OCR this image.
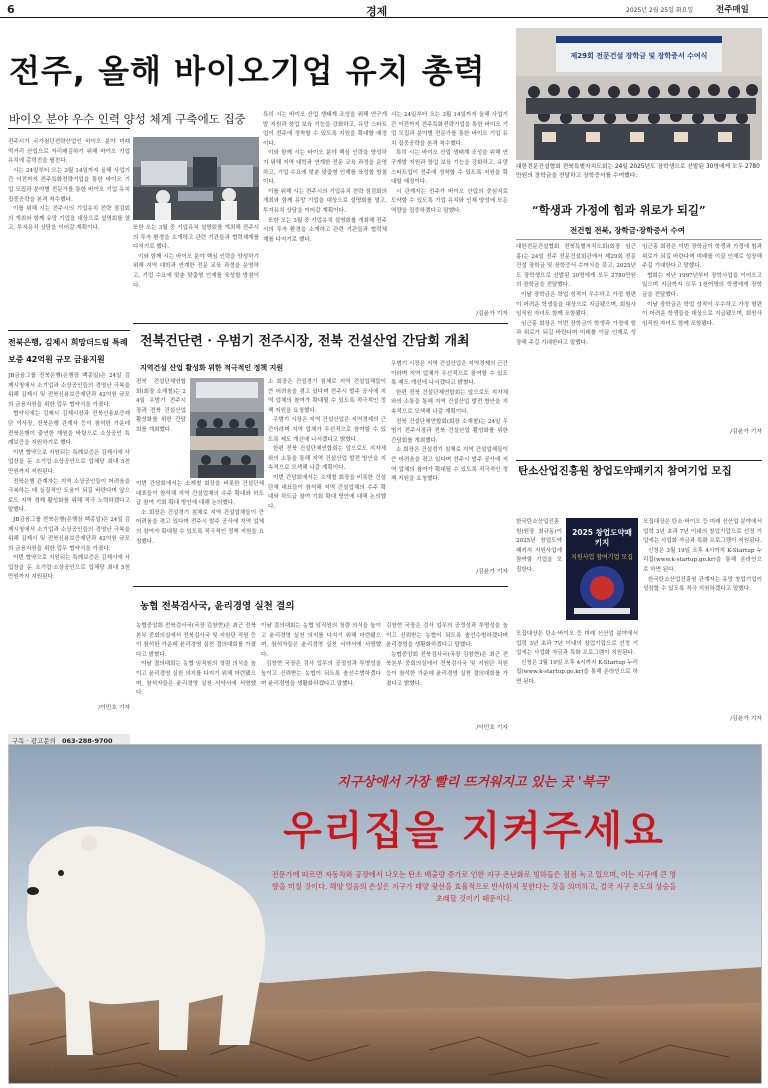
6	경제	2025년 2월 25일 화요일	전주매일
전주, 올해 바이오기업 유치 총력
바이오 분야 우수 인력 양성 체계 구축에도 집중

전주시가 국가첨단전략산업인 바이오 분야 미래 먹거리 산업으로 자리매김하기 위해 바이오 기업 유치에 총력전을 펼친다.

시는 24일부터 오는 3월 14일까지 올해 사업기간 이전까지 전주특화전략기업을 통한 바이오 기업 모집과 분야별 전문가를 통한 바이오 기업 유치 집중공략을 본격 착수했다.

이를 위해 시는 전주시의 기업유치 전략 점검회의 개최와 함께 유망 기업을 대상으로 설명회를 열고, 투자유치 상담을 이어갈 계획이다.	또한 오는 3월 중 기업유치 설명회를 개최해 전주시의 투자 환경을 소개하고 관련 기관들과 협력체계를 다지기로 했다.

이와 함께 시는 바이오 분야 핵심 인력을 양성하기 위해 지역 대학과 연계한 전문 교육 과정을 운영하고, 기업 수요에 맞춘 맞춤형 인재를 육성할 방침이다.

특히 시는 바이오 산업 생태계 조성을 위해 연구개발 지원과 창업 보육 기능을 강화하고, 유망 스타트업이 전주에 정착할 수 있도록 지원을 확대할 예정이다.

이와 함께 시는 바이오 분야 핵심 인력을 양성하기 위해 지역 대학과 연계한 전문 교육 과정을 운영하고, 기업 수요에 맞춘 맞춤형 인재를 육성할 방침이다.

이를 위해 시는 전주시의 기업유치 전략 점검회의 개최와 함께 유망 기업을 대상으로 설명회를 열고, 투자유치 상담을 이어갈 계획이다.

또한 오는 3월 중 기업유치 설명회를 개최해 전주시의 투자 환경을 소개하고 관련 기관들과 협력체계를 다지기로 했다.

시는 24일부터 오는 3월 14일까지 올해 사업기간 이전까지 전주특화전략기업을 통한 바이오 기업 모집과 분야별 전문가를 통한 바이오 기업 유치 집중공략을 본격 착수했다.

특히 시는 바이오 산업 생태계 조성을 위해 연구개발 지원과 창업 보육 기능을 강화하고, 유망 스타트업이 전주에 정착할 수 있도록 지원을 확대할 예정이다.

시 관계자는 전주가 바이오 산업의 중심지로 도약할 수 있도록 기업 유치와 인재 양성에 모든 역량을 집중하겠다고 말했다.

/김윤가 기자
제29회 전문건설 장학금 및 장학증서 수여식
대한전문건설협회 전북특별자치도회는 24일 2025년도 장학생으로 선발된 30명에게 모두 2780만원의 장학금을 전달하고 장학증서를 수여했다.
“학생과 가정에 힘과 위로가 되길”
전건협 전북, 장학금·장학증서 수여

대한전문건설협회 전북특별자치도회(회장 임근홍)는 24일 전주 전문건설회관에서 제29회 전문건설 장학금 및 장학증서 수여식을 갖고, 2025년도 장학생으로 선발된 30명에게 모두 2780만원의 장학금을 전달했다.

이날 장학금은 학업 성적이 우수하고 가정 형편이 어려운 학생들을 대상으로 지급됐으며, 회원사 임직원 자녀도 함께 포함됐다.

임근홍 회장은 이번 장학금이 학생과 가정에 힘과 위로가 되길 바란다며 미래를 이끌 인재로 성장해 주길 기대한다고 말했다.

임근홍 회장은 이번 장학금이 학생과 가정에 힘과 위로가 되길 바란다며 미래를 이끌 인재로 성장해 주길 기대한다고 말했다.

협회는 지난 1997년부터 장학사업을 이어오고 있으며 지금까지 모두 1천여명의 학생에게 장학금을 전달했다.

이날 장학금은 학업 성적이 우수하고 가정 형편이 어려운 학생들을 대상으로 지급됐으며, 회원사 임직원 자녀도 함께 포함됐다.

/김윤가 기자
전북은행, 김제시 희망더드림 특례보증 42억원 규모 금융지원

JB금융그룹 전북은행(은행장 백종일)은 24일 김제시청에서 소기업과 소상공인들의 경영난 극복을 위해 김제시 및 전북신용보증재단과 42억원 규모의 금융지원을 위한 업무 협약식을 가졌다.

협약식에는 김제시 김제시장과 전북신용보증재단 이사장, 전북은행 관계자 등이 참석한 가운데 전북은행이 출연한 재원을 바탕으로 소상공인 특례보증을 지원하기로 했다.

이번 협약으로 지원되는 특례보증은 김제시에 사업장을 둔 소기업·소상공인으로 업체당 최대 5천만원까지 지원된다.

전북은행 관계자는 지역 소상공인들이 어려움을 극복하는 데 실질적인 도움이 되길 바란다며 앞으로도 지역 경제 활성화를 위해 적극 노력하겠다고 말했다.

JB금융그룹 전북은행(은행장 백종일)은 24일 김제시청에서 소기업과 소상공인들의 경영난 극복을 위해 김제시 및 전북신용보증재단과 42억원 규모의 금융지원을 위한 업무 협약식을 가졌다.

이번 협약으로 지원되는 특례보증은 김제시에 사업장을 둔 소기업·소상공인으로 업체당 최대 5천만원까지 지원된다.

/이민호 기자
구독 · 광고문의 063-288-9700
전북건단련 · 우범기 전주시장, 전북 건설산업 간담회 개최
지역건설 산업 활성화 위한 적극적인 정책 지원

전북 건설단체연합회(회장 소재철)는 24일 우범기 전주시장과 전북 건설산업 활성화를 위한 간담회를 개최했다.

이번 간담회에서는 소재철 회장을 비롯한 건설단체 대표들이 참석해 지역 건설업체의 수주 확대와 하도급 참여 기회 확대 방안에 대해 논의했다.

소 회장은 건설경기 침체로 지역 건설업체들이 큰 어려움을 겪고 있다며 전주시 발주 공사에 지역 업체의 참여가 확대될 수 있도록 적극적인 정책 지원을 요청했다.

소 회장은 건설경기 침체로 지역 건설업체들이 큰 어려움을 겪고 있다며 전주시 발주 공사에 지역 업체의 참여가 확대될 수 있도록 적극적인 정책 지원을 요청했다.

우범기 시장은 지역 건설산업은 지역경제의 근간이라며 지역 업체가 우선적으로 참여할 수 있도록 제도 개선에 나서겠다고 밝혔다.

한편 전북 건설단체연합회는 앞으로도 지자체와의 소통을 통해 지역 건설산업 발전 방안을 지속적으로 모색해 나갈 계획이다.

이번 간담회에서는 소재철 회장을 비롯한 건설단체 대표들이 참석해 지역 건설업체의 수주 확대와 하도급 참여 기회 확대 방안에 대해 논의했다.

우범기 시장은 지역 건설산업은 지역경제의 근간이라며 지역 업체가 우선적으로 참여할 수 있도록 제도 개선에 나서겠다고 밝혔다.

한편 전북 건설단체연합회는 앞으로도 지자체와의 소통을 통해 지역 건설산업 발전 방안을 지속적으로 모색해 나갈 계획이다.

전북 건설단체연합회(회장 소재철)는 24일 우범기 전주시장과 전북 건설산업 활성화를 위한 간담회를 개최했다.

소 회장은 건설경기 침체로 지역 건설업체들이 큰 어려움을 겪고 있다며 전주시 발주 공사에 지역 업체의 참여가 확대될 수 있도록 적극적인 정책 지원을 요청했다.

/김윤가 기자
농협 전북검사국, 윤리경영 실천 결의

농협중앙회 전북검사국(국장 김창현)은 최근 전북본부 중회의실에서 전북검사국 및 지원단 직원 등이 참석한 가운데 윤리경영 실천 결의대회를 가졌다고 밝혔다.

이날 결의대회는 농협 임직원의 청렴 의식을 높이고 윤리경영 실천 의지를 다지기 위해 마련됐으며, 참석자들은 윤리경영 실천 서약서에 서명했다.

이날 결의대회는 농협 임직원의 청렴 의식을 높이고 윤리경영 실천 의지를 다지기 위해 마련됐으며, 참석자들은 윤리경영 실천 서약서에 서명했다.

김창현 국장은 검사 업무의 공정성과 투명성을 높이고 신뢰받는 농협이 되도록 솔선수범하겠다며 윤리경영을 생활화하겠다고 말했다.

김창현 국장은 검사 업무의 공정성과 투명성을 높이고 신뢰받는 농협이 되도록 솔선수범하겠다며 윤리경영을 생활화하겠다고 말했다.

농협중앙회 전북검사국(국장 김창현)은 최근 전북본부 중회의실에서 전북검사국 및 지원단 직원 등이 참석한 가운데 윤리경영 실천 결의대회를 가졌다고 밝혔다.

/이민호 기자
탄소산업진흥원 창업도약패키지 참여기업 모집

한국탄소산업진흥원(원장 최규동)이 2025년 창업도약패키지 지원사업에 참여할 기업을 모집한다.

2025 창업도약패키지
지원사업 참여기업 모집

모집대상은 탄소·바이오 등 미래 신산업 분야에서 업력 3년 초과 7년 이내의 창업기업으로 선정 기업에는 사업화 자금과 특화 프로그램이 지원된다.

신청은 3월 19일 오후 4시까지 K-Startup 누리집(www.k-startup.go.kr)을 통해 온라인으로 하면 된다.

모집대상은 탄소·바이오 등 미래 신산업 분야에서 업력 3년 초과 7년 이내의 창업기업으로 선정 기업에는 사업화 자금과 특화 프로그램이 지원된다.

신청은 3월 19일 오후 4시까지 K-Startup 누리집(www.k-startup.go.kr)을 통해 온라인으로 하면 된다.

한국탄소산업진흥원 관계자는 유망 창업기업이 성장할 수 있도록 적극 지원하겠다고 말했다.

/김윤가 기자
지구상에서 가장 빨리 뜨거워지고 있는 곳 '북극'
우리집을 지켜주세요
전문가에 따르면 자동차와 공장에서 나오는 탄소 배출량 증가로 인한 지구 온난화로 빙하들은 점점 녹고 있으며, 이는 지구에 큰 영향을 미칠 것이다. 해양 얼음의 손실은 지구가 태양 광선을 효율적으로 반사하지 못한다는 것을 의미하고, 결국 지구 온도의 상승을 초래할 것이기 때문이다.
전주매일 지구온난화 캠페인
